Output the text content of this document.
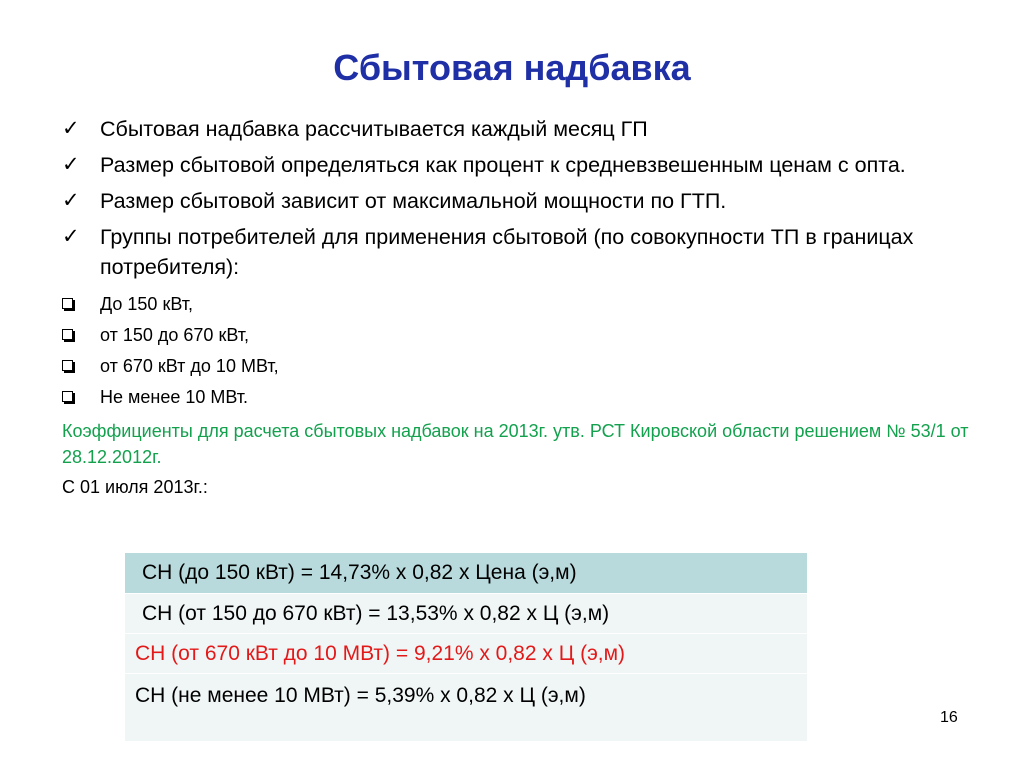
Сбытовая надбавка
✓ Сбытовая надбавка рассчитывается каждый месяц ГП
✓ Размер сбытовой определяться как процент к средневзвешенным ценам с опта.
✓ Размер сбытовой зависит от максимальной мощности по ГТП.
✓ Группы потребителей для применения сбытовой (по совокупности ТП в границах потребителя):
До 150 кВт,
от 150 до 670 кВт,
от 670 кВт до 10 МВт,
Не менее 10 МВт.
Коэффициенты для расчета сбытовых надбавок на 2013г. утв. РСТ Кировской области решением № 53/1 от 28.12.2012г.
С 01 июля 2013г.:
СН (до 150 кВт) = 14,73% х 0,82 х Цена (э,м)
СН (от 150 до 670 кВт) = 13,53% х 0,82 х Ц (э,м)
СН (от 670 кВт до 10 МВт) = 9,21% х 0,82 х Ц (э,м)
СН (не менее 10 МВт) = 5,39% х 0,82 х Ц (э,м)
16
